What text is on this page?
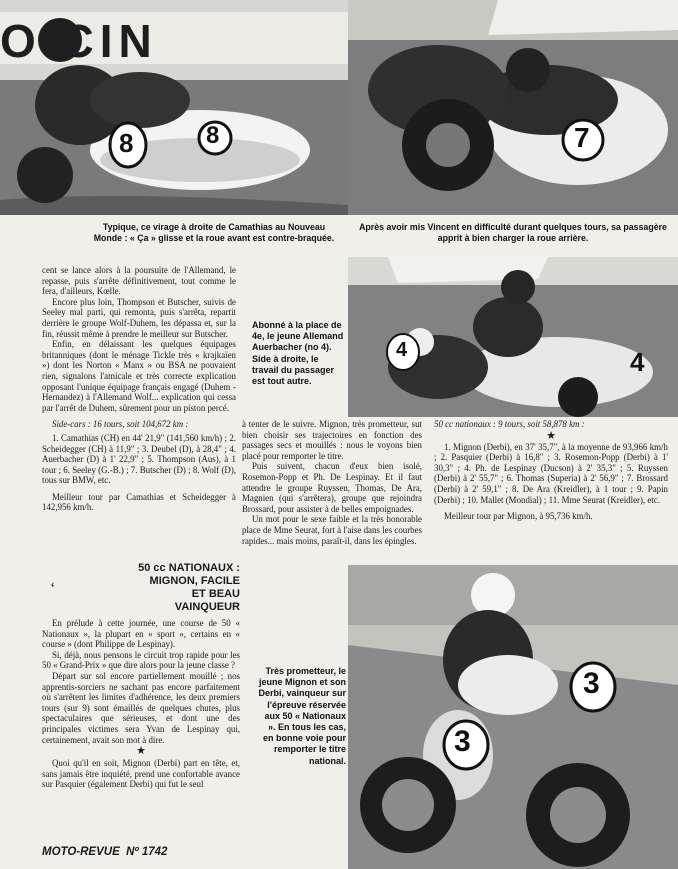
O CIN
8	8	7
Typique, ce virage à droite de Camathias au Nouveau Monde : « Ça » glisse et la roue avant est contre-braquée.
Après avoir mis Vincent en difficulté durant quelques tours, sa passagère apprit à bien charger la roue arrière.

cent se lance alors à la poursuite de l'Allemand, le repasse, puis s'arrête définitivement, tout comme le fera, d'ailleurs, Kœlle.

Encore plus loin, Thompson et Butscher, suivis de Seeley mal parti, qui remonta, puis s'arrêta, repartit derrière le groupe Wolf-Duhem, les dépassa et, sur la fin, réussit même à prendre le meilleur sur Butscher.

Enfin, en délaissant les quelques équipages britanniques (dont le ménage Tickle très « krajkaïen ») dont les Norton « Manx » ou BSA ne pouvaient rien, signalons l'amicale et très correcte explication opposant l'unique équipage français engagé (Duhem - Hernandez) à l'Allemand Wolf... explication qui cessa par l'arrêt de Duhem, sûrement pour un piston percé.

Side-cars : 16 tours, soit 104,672 km :

1. Camathias (CH) en 44' 21,9" (141,560 km/h) ; 2. Scheidegger (CH) à 11,9" ; 3. Deubel (D), à 28,4" ; 4. Auerbacher (D) à 1' 22,9" ; 5. Thompson (Aus), à 1 tour ; 6. Seeley (G.-B.) ; 7. Butscher (D) ; 8. Wolf (D), tous sur BMW, etc.

Meilleur tour par Camathias et Scheidegger à 142,956 km/h.

Abonné à la place de 4e, le jeune Allemand Auerbacher (no 4). Side à droite, le travail du passager est tout autre.
4	4

à tenter de le suivre. Mignon, très prometteur, sut bien choisir ses trajectoires en fonction des passages secs et mouillés : nous le voyons bien placé pour remporter le titre.

Puis suivent, chacun d'eux bien isolé, Rosemon-Popp et Ph. De Lespinay. Et il faut attendre le groupe Ruyssen, Thomas, De Ara, Magnien (qui s'arrêtera), groupe que rejoindra Brossard, pour assister à de belles empoignades.

Un mot pour le sexe faible et la très honorable place de Mme Seurat, fort à l'aise dans les courbes rapides... mais moins, paraît-il, dans les épingles.

50 cc nationaux : 9 tours, soit 58,878 km :

★

1. Mignon (Derbi), en 37' 35,7", à la moyenne de 93,966 km/h ; 2. Pasquier (Derbi) à 16,8" ; 3. Rosemon-Popp (Derbi) à 1' 30,3" ; 4. Ph. de Lespinay (Ducson) à 2' 35,3" ; 5. Ruyssen (Derbi) à 2' 55,7" ; 6. Thomas (Superia) à 2' 56,9" ; 7. Brossard (Derbi) à 2' 59,1" ; 8. De Ara (Kreidler), à 1 tour ; 9. Papin (Derbi) ; 10. Mallet (Mondial) ; 11. Mme Seurat (Kreidler), etc.

Meilleur tour par Mignon, à 95,736 km/h.

50 cc NATIONAUX :
MIGNON, FACILE
ET BEAU
VAINQUEUR
‘

En prélude à cette journée, une course de 50 « Nationaux », la plupart en « sport », certains en « course » (dont Philippe de Lespinay).

Si, déjà, nous pensons le circuit trop rapide pour les 50 « Grand-Prix » que dire alors pour la jeune classe ?

Départ sur sol encore partiellement mouillé ; nos apprentis-sorciers ne sachant pas encore parfaitement où s'arrêtent les limites d'adhérence, les deux premiers tours (sur 9) sont émaillés de quelques chutes, plus spectaculaires que sérieuses, et dont une des principales victimes sera Yvan de Lespinay qui, certainement, avait son mot à dire.

★

Quoi qu'il en soit, Mignon (Derbi) part en tête, et, sans jamais être inquiété, prend une confortable avance sur Pasquier (également Derbi) qui fut le seul

3
3
Très prometteur, le jeune Mignon et son Derbi, vainqueur sur l'épreuve réservée aux 50 « Nationaux ». En tous les cas, en bonne voie pour remporter le titre national.
MOTO-REVUE  Nº 1742
